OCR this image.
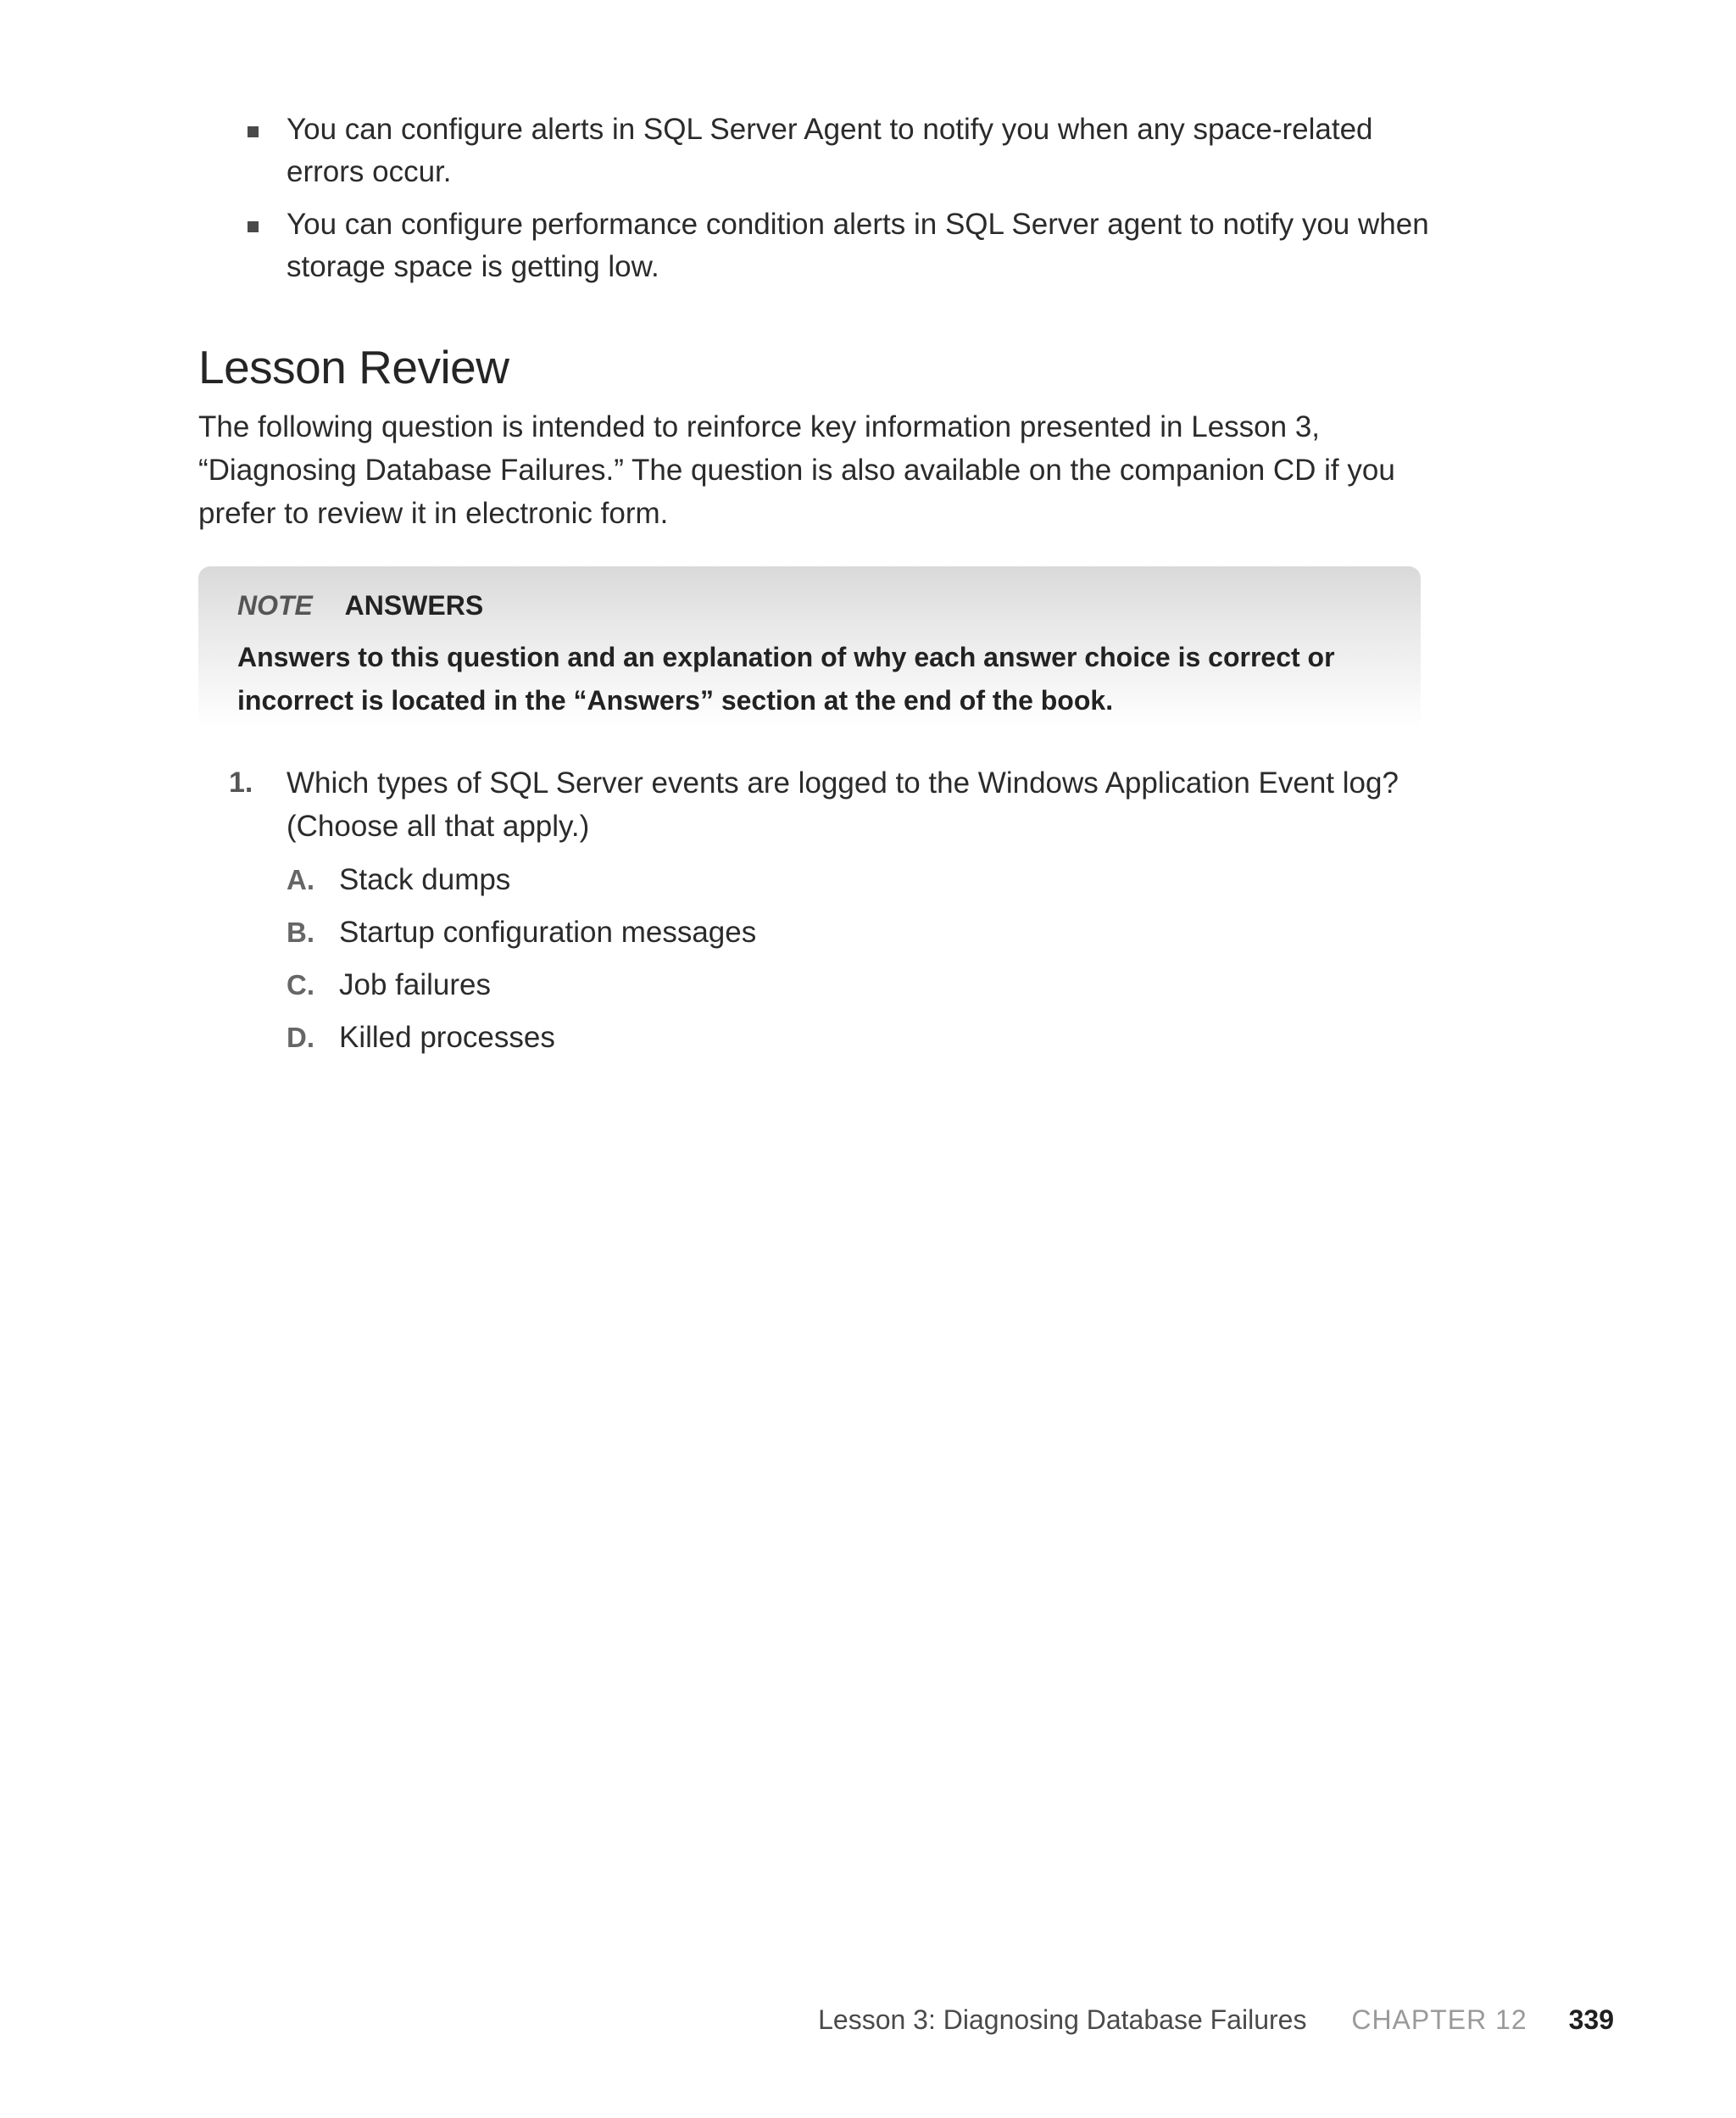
You can configure alerts in SQL Server Agent to notify you when any space-related errors occur.
You can configure performance condition alerts in SQL Server agent to notify you when storage space is getting low.
Lesson Review

The following question is intended to reinforce key information presented in Lesson 3, “Diagnosing Database Failures.” The question is also available on the companion CD if you prefer to review it in electronic form.

NOTE ANSWERS

Answers to this question and an explanation of why each answer choice is correct or incorrect is located in the “Answers” section at the end of the book.

1. Which types of SQL Server events are logged to the Windows Application Event log? (Choose all that apply.)

A. Stack dumps
B. Startup configuration messages
C. Job failures
D. Killed processes
Lesson 3: Diagnosing Database Failures CHAPTER 12 339
